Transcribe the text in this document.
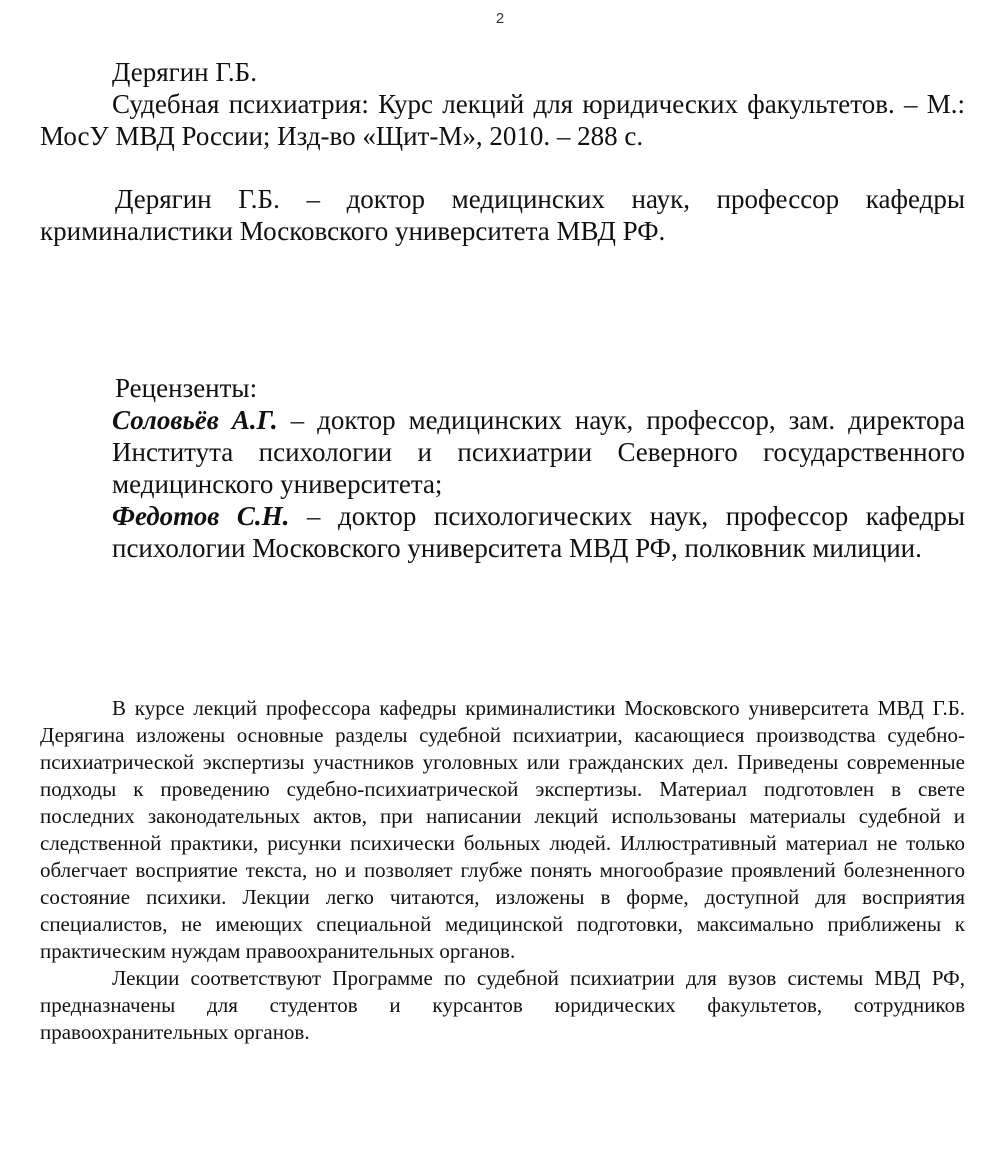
2

Дерягин Г.Б.

Судебная психиатрия: Курс лекций для юридических факультетов. – М.: МосУ МВД России; Изд-во «Щит-М», 2010. – 288 с.

Дерягин Г.Б. – доктор медицинских наук, профессор кафедры криминалистики Московского университета МВД РФ.

Рецензенты:

Соловьёв А.Г. – доктор медицинских наук, профессор, зам. директора Института психологии и психиатрии Северного государственного медицинского университета;

Федотов С.Н. – доктор психологических наук, профессор кафедры психологии Московского университета МВД РФ, полковник милиции.

В курсе лекций профессора кафедры криминалистики Московского университета МВД Г.Б. Дерягина изложены основные разделы судебной психиатрии, касающиеся производства судебно-психиатрической экспертизы участников уголовных или гражданских дел. Приведены современные подходы к проведению судебно-психиатрической экспертизы. Материал подготовлен в свете последних законодательных актов, при написании лекций использованы материалы судебной и следственной практики, рисунки психически больных людей. Иллюстративный материал не только облегчает восприятие текста, но и позволяет глубже понять многообразие проявлений болезненного состояние психики. Лекции легко читаются, изложены в форме, доступной для восприятия специалистов, не имеющих специальной медицинской подготовки, максимально приближены к практическим нуждам правоохранительных органов.

Лекции соответствуют Программе по судебной психиатрии для вузов системы МВД РФ, предназначены для студентов и курсантов юридических факультетов, сотрудников правоохранительных органов.
